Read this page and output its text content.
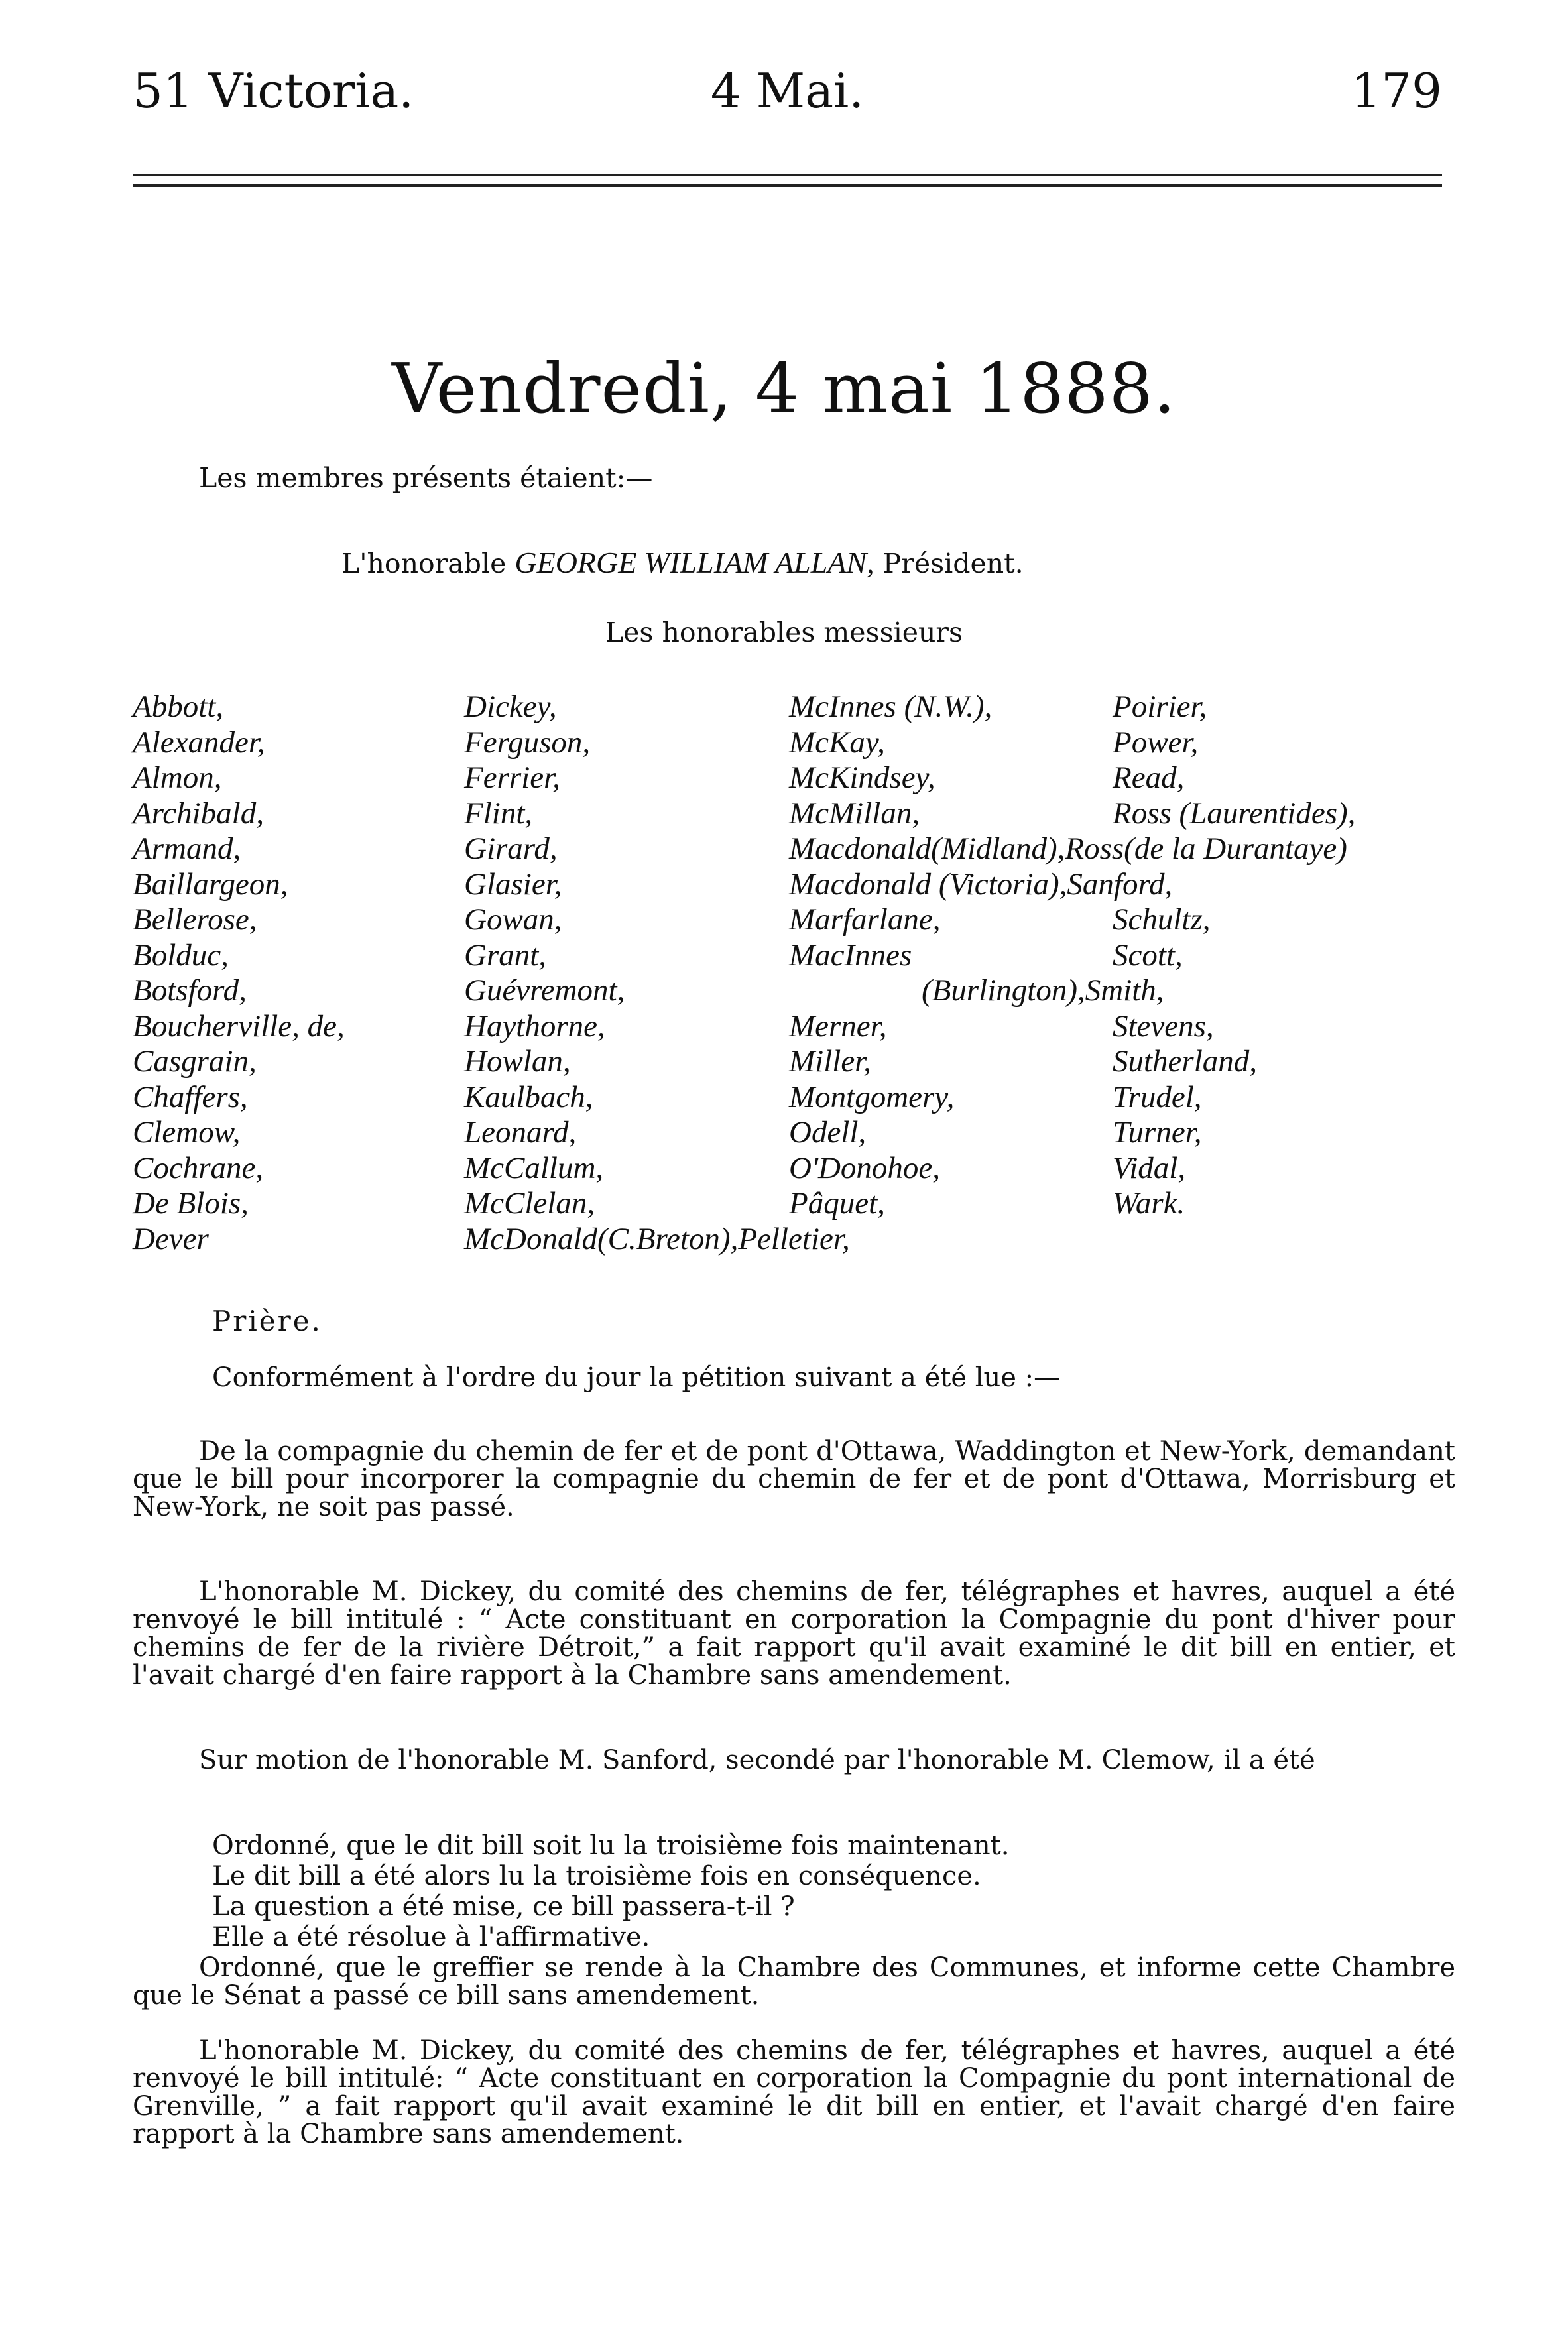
51 Victoria.	4 Mai.	179
Vendredi, 4 mai 1888.
Les membres présents étaient:—
L'honorable GEORGE WILLIAM ALLAN, Président.
Les honorables messieurs
Abbott,
Alexander,
Almon,
Archibald,
Armand,
Baillargeon,
Bellerose,
Bolduc,
Botsford,
Boucherville, de,
Casgrain,
Chaffers,
Clemow,
Cochrane,
De Blois,
Dever
Dickey,
Ferguson,
Ferrier,
Flint,
Girard,
Glasier,
Gowan,
Grant,
Guévremont,
Haythorne,
Howlan,
Kaulbach,
Leonard,
McCallum,
McClelan,
McDonald(C.Breton),Pelletier,
McInnes (N.W.),
McKay,
McKindsey,
McMillan,
Macdonald(Midland),Ross(de la Durantaye)
Macdonald (Victoria),Sanford,
Marfarlane,
MacInnes
(Burlington),Smith,
Merner,
Miller,
Montgomery,
Odell,
O'Donohoe,
Pâquet,
Poirier,
Power,
Read,
Ross (Laurentides),

Schultz,
Scott,

Stevens,
Sutherland,
Trudel,
Turner,
Vidal,
Wark.
Prière.
Conformément à l'ordre du jour la pétition suivant a été lue :—
De la compagnie du chemin de fer et de pont d'Ottawa, Waddington et New-York, demandant que le bill pour incorporer la compagnie du chemin de fer et de pont d'Ottawa, Morrisburg et New-York, ne soit pas passé.
L'honorable M. Dickey, du comité des chemins de fer, télégraphes et havres, auquel a été renvoyé le bill intitulé : “ Acte constituant en corporation la Compagnie du pont d'hiver pour chemins de fer de la rivière Détroit,” a fait rapport qu'il avait examiné le dit bill en entier, et l'avait chargé d'en faire rapport à la Chambre sans amendement.
Sur motion de l'honorable M. Sanford, secondé par l'honorable M. Clemow, il a été
Ordonné, que le dit bill soit lu la troisième fois maintenant.
Le dit bill a été alors lu la troisième fois en conséquence.
La question a été mise, ce bill passera-t-il ?
Elle a été résolue à l'affirmative.
Ordonné, que le greffier se rende à la Chambre des Communes, et informe cette Chambre que le Sénat a passé ce bill sans amendement.
L'honorable M. Dickey, du comité des chemins de fer, télégraphes et havres, auquel a été renvoyé le bill intitulé: “ Acte constituant en corporation la Compagnie du pont international de Grenville, ” a fait rapport qu'il avait examiné le dit bill en entier, et l'avait chargé d'en faire rapport à la Chambre sans amendement.
